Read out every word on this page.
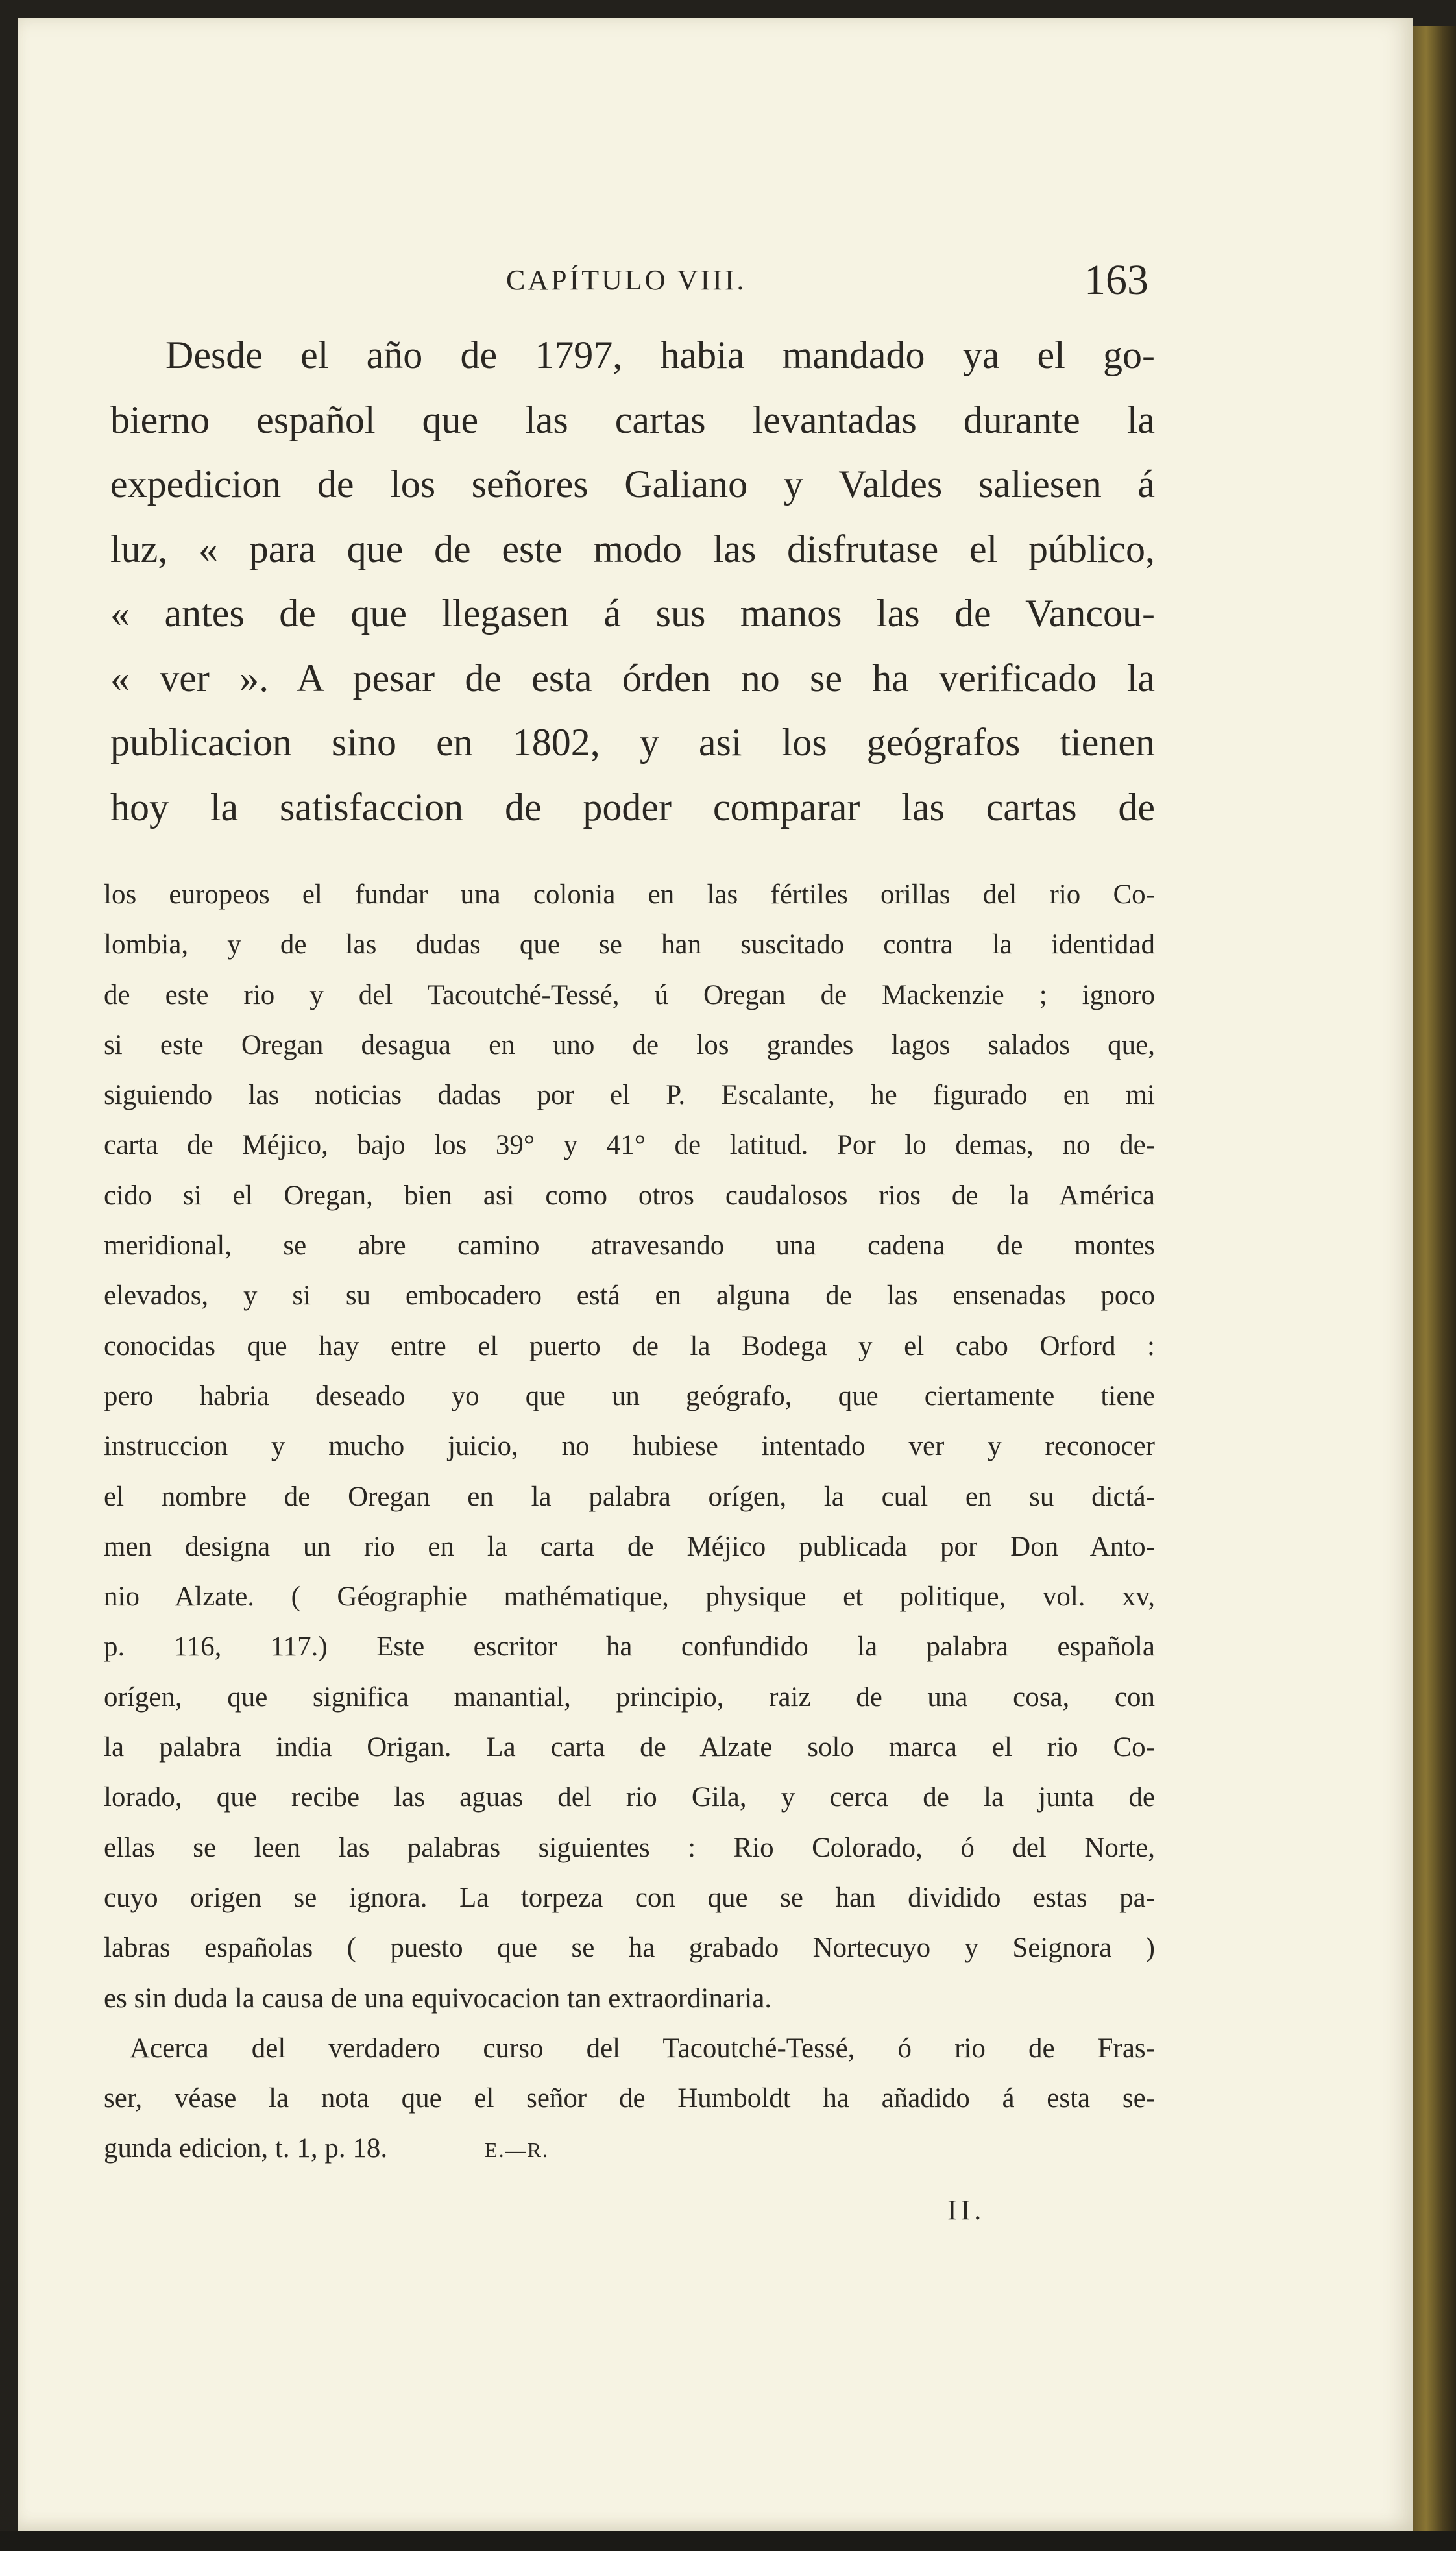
CAPÍTULO VIII.	163
Desde el año de 1797, habia mandado ya el go-
bierno español que las cartas levantadas durante la
expedicion de los señores Galiano y Valdes saliesen á
luz, « para que de este modo las disfrutase el público,
« antes de que llegasen á sus manos las de Vancou-
« ver ». A pesar de esta órden no se ha verificado la
publicacion sino en 1802, y asi los geógrafos tienen
hoy la satisfaccion de poder comparar las cartas de
los europeos el fundar una colonia en las fértiles orillas del rio Co-
lombia, y de las dudas que se han suscitado contra la identidad
de este rio y del Tacoutché-Tessé, ú Oregan de Mackenzie ; ignoro
si este Oregan desagua en uno de los grandes lagos salados que,
siguiendo las noticias dadas por el P. Escalante, he figurado en mi
carta de Méjico, bajo los 39° y 41° de latitud. Por lo demas, no de-
cido si el Oregan, bien asi como otros caudalosos rios de la América
meridional, se abre camino atravesando una cadena de montes
elevados, y si su embocadero está en alguna de las ensenadas poco
conocidas que hay entre el puerto de la Bodega y el cabo Orford :
pero habria deseado yo que un geógrafo, que ciertamente tiene
instruccion y mucho juicio, no hubiese intentado ver y reconocer
el nombre de Oregan en la palabra orígen, la cual en su dictá-
men designa un rio en la carta de Méjico publicada por Don Anto-
nio Alzate. ( Géographie mathématique, physique et politique, vol. xv,
p. 116, 117.) Este escritor ha confundido la palabra española
orígen, que significa manantial, principio, raiz de una cosa, con
la palabra india Origan. La carta de Alzate solo marca el rio Co-
lorado, que recibe las aguas del rio Gila, y cerca de la junta de
ellas se leen las palabras siguientes : Rio Colorado, ó del Norte,
cuyo origen se ignora. La torpeza con que se han dividido estas pa-
labras españolas ( puesto que se ha grabado Nortecuyo y Seignora )
es sin duda la causa de una equivocacion tan extraordinaria.
Acerca del verdadero curso del Tacoutché-Tessé, ó rio de Fras-
ser, véase la nota que el señor de Humboldt ha añadido á esta se-
gunda edicion, t. 1, p. 18.	E.—R.
II.
